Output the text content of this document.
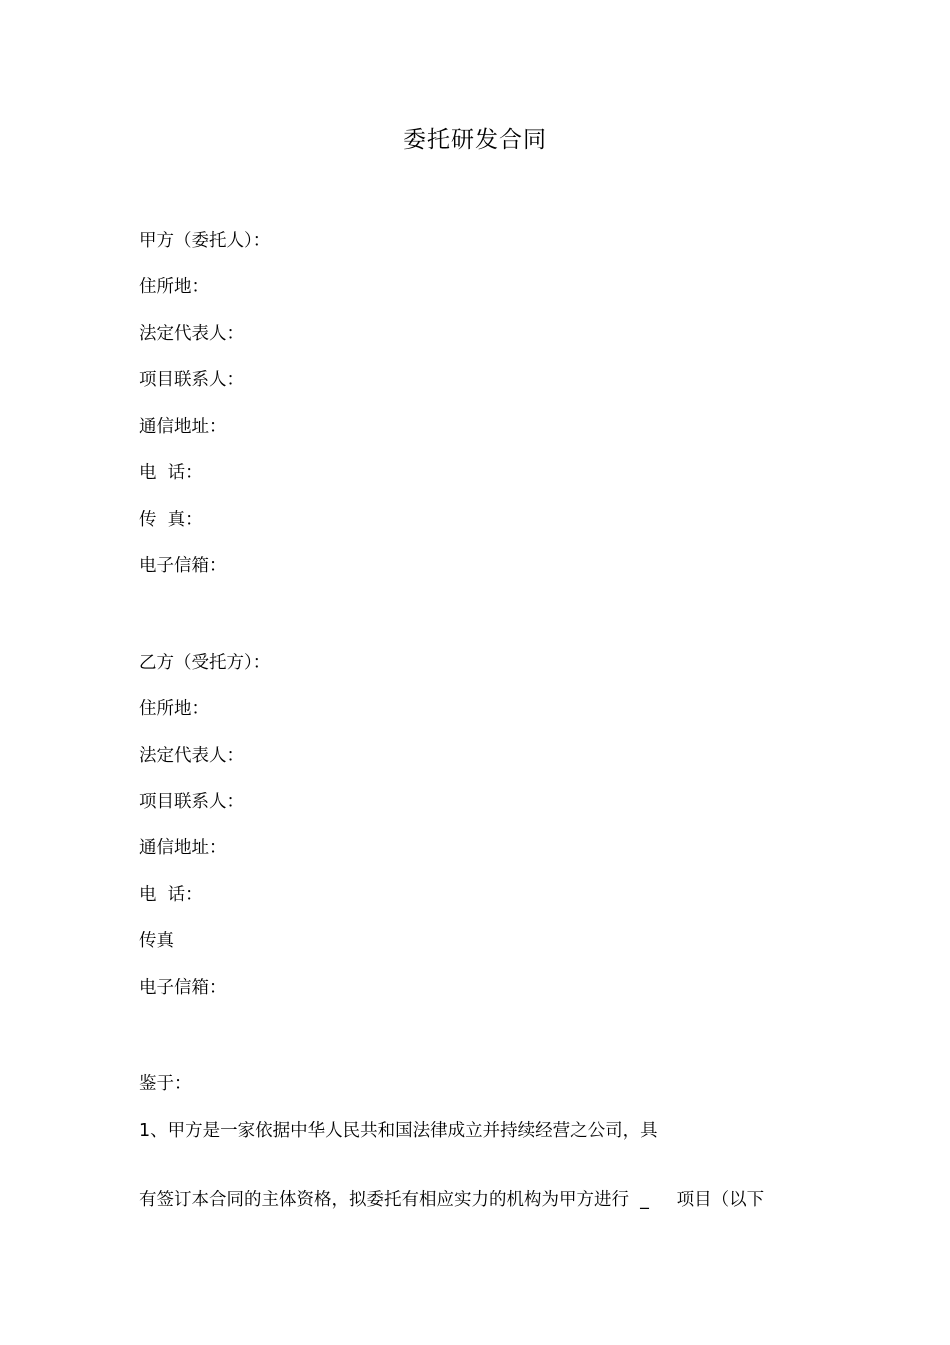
委托研发合同
甲方（委托人）：
住所地：
法定代表人：
项目联系人：
通信地址：
电  话：
传  真：
电子信箱：
乙方（受托方）：
住所地：
法定代表人：
项目联系人：
通信地址：
电  话：
传真
电子信箱：
鉴于：
1、甲方是一家依据中华人民共和国法律成立并持续经营之公司，具
有签订本合同的主体资格，拟委托有相应实力的机构为甲方进行  _     项目（以下
